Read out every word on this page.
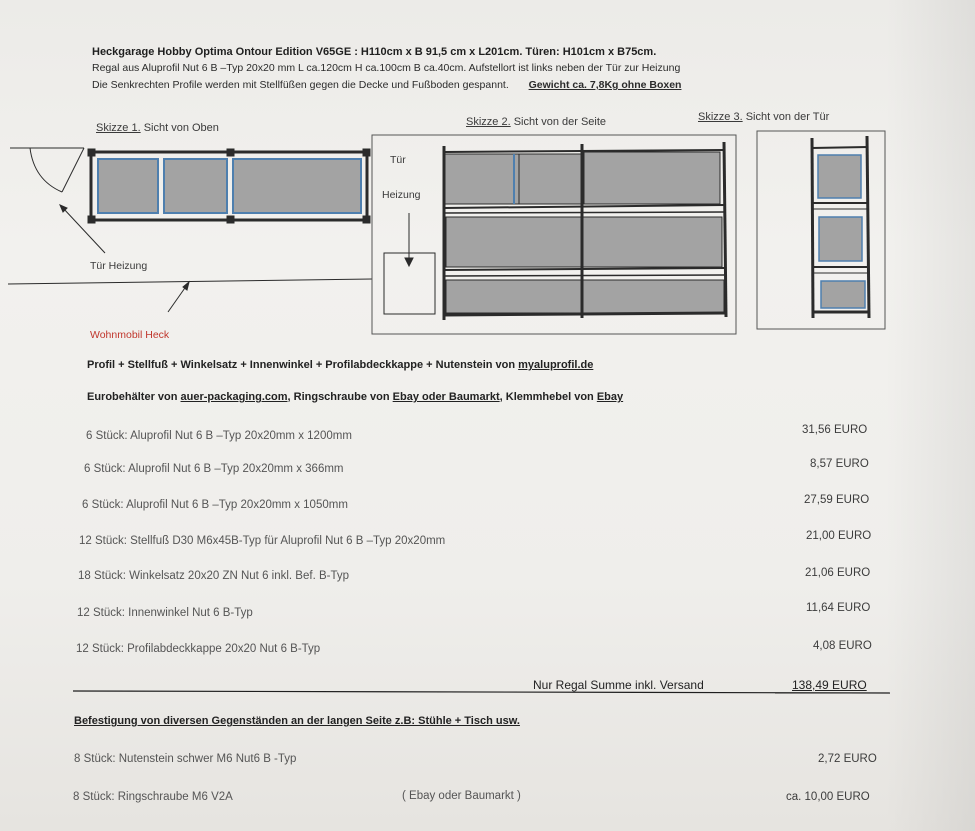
Heckgarage Hobby Optima Ontour Edition V65GE : H110cm x B 91,5 cm x L201cm. Türen: H101cm x B75cm.
Regal aus Aluprofil Nut 6 B –Typ 20x20 mm L ca.120cm H ca.100cm B ca.40cm. Aufstellort ist links neben der Tür zur Heizung
Die Senkrechten Profile werden mit Stellfüßen gegen die Decke und Fußboden gespannt. Gewicht ca. 7,8Kg ohne Boxen
Skizze 1. Sicht von Oben	Skizze 2. Sicht von der Seite	Skizze 3. Sicht von der Tür
Tür Heizung
Tür
Heizung
Wohnmobil Heck
Profil + Stellfuß + Winkelsatz + Innenwinkel + Profilabdeckkappe + Nutenstein von myaluprofil.de
Eurobehälter von auer-packaging.com, Ringschraube von Ebay oder Baumarkt, Klemmhebel von Ebay
6 Stück: Aluprofil Nut 6 B –Typ 20x20mm x 1200mm	31,56 EURO
6 Stück: Aluprofil Nut 6 B –Typ 20x20mm x 366mm	8,57 EURO
6 Stück: Aluprofil Nut 6 B –Typ 20x20mm x 1050mm	27,59 EURO
12 Stück: Stellfuß D30 M6x45B-Typ für Aluprofil Nut 6 B –Typ 20x20mm	21,00 EURO
18 Stück: Winkelsatz 20x20 ZN Nut 6 inkl. Bef. B-Typ	21,06 EURO
12 Stück: Innenwinkel Nut 6 B-Typ	11,64 EURO
12 Stück: Profilabdeckkappe 20x20 Nut 6 B-Typ	4,08 EURO
Nur Regal Summe inkl. Versand	138,49 EURO
Befestigung von diversen Gegenständen an der langen Seite z.B: Stühle + Tisch usw.
8 Stück: Nutenstein schwer M6 Nut6 B -Typ	2,72 EURO
8 Stück: Ringschraube M6 V2A	( Ebay oder Baumarkt )	ca. 10,00 EURO
